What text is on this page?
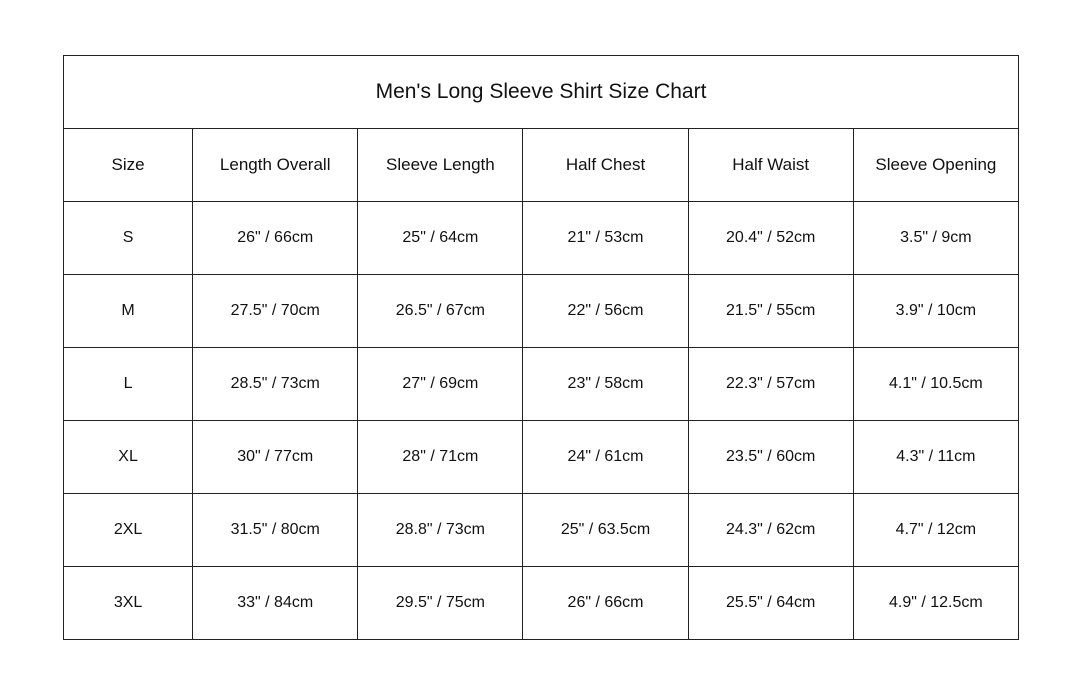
Men's Long Sleeve Shirt Size Chart					
Size	Length Overall	Sleeve Length	Half Chest	Half Waist	Sleeve Opening
S	26" / 66cm	25" / 64cm	21" / 53cm	20.4" / 52cm	3.5" / 9cm
M	27.5" / 70cm	26.5" / 67cm	22" / 56cm	21.5" / 55cm	3.9" / 10cm
L	28.5" / 73cm	27" / 69cm	23" / 58cm	22.3" / 57cm	4.1" / 10.5cm
XL	30" / 77cm	28" / 71cm	24" / 61cm	23.5" / 60cm	4.3" / 11cm
2XL	31.5" / 80cm	28.8" / 73cm	25" / 63.5cm	24.3" / 62cm	4.7" / 12cm
3XL	33" / 84cm	29.5" / 75cm	26" / 66cm	25.5" / 64cm	4.9" / 12.5cm
